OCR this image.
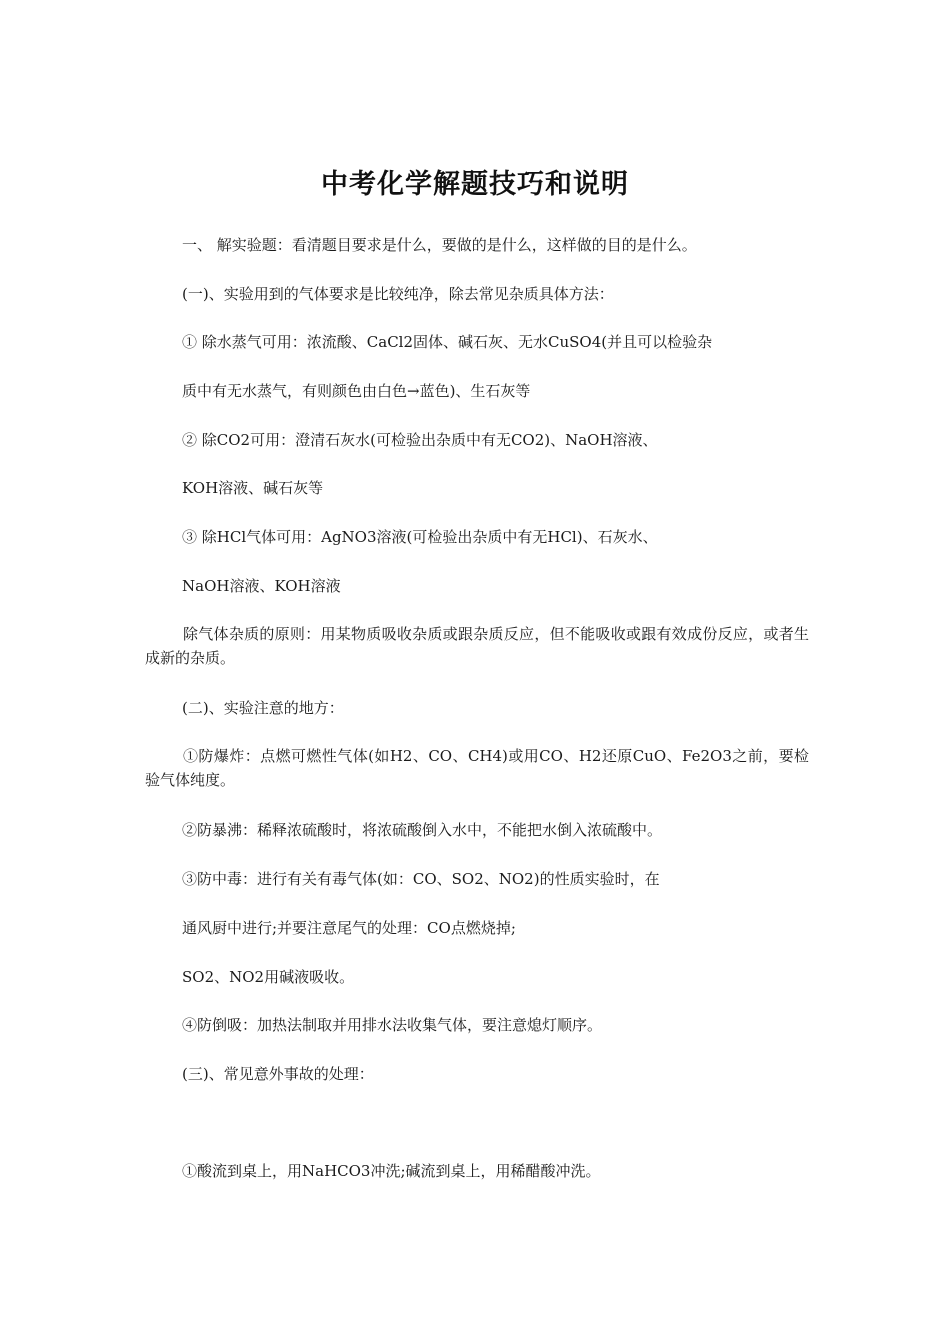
中考化学解题技巧和说明
一、 解实验题：看清题目要求是什么，要做的是什么，这样做的目的是什么。
(一)、实验用到的气体要求是比较纯净，除去常见杂质具体方法：
① 除水蒸气可用：浓流酸、CaCl2固体、碱石灰、无水CuSO4(并且可以检验杂
质中有无水蒸气，有则颜色由白色→蓝色)、生石灰等
② 除CO2可用：澄清石灰水(可检验出杂质中有无CO2)、NaOH溶液、
KOH溶液、碱石灰等
③ 除HCl气体可用：AgNO3溶液(可检验出杂质中有无HCl)、石灰水、
NaOH溶液、KOH溶液
除气体杂质的原则：用某物质吸收杂质或跟杂质反应，但不能吸收或跟有效成份反应，或者生成新的杂质。
(二)、实验注意的地方：
①防爆炸：点燃可燃性气体(如H2、CO、CH4)或用CO、H2还原CuO、Fe2O3之前，要检验气体纯度。
②防暴沸：稀释浓硫酸时，将浓硫酸倒入水中，不能把水倒入浓硫酸中。
③防中毒：进行有关有毒气体(如：CO、SO2、NO2)的性质实验时，在
通风厨中进行;并要注意尾气的处理：CO点燃烧掉;
SO2、NO2用碱液吸收。
④防倒吸：加热法制取并用排水法收集气体，要注意熄灯顺序。
(三)、常见意外事故的处理：
①酸流到桌上，用NaHCO3冲洗;碱流到桌上，用稀醋酸冲洗。
